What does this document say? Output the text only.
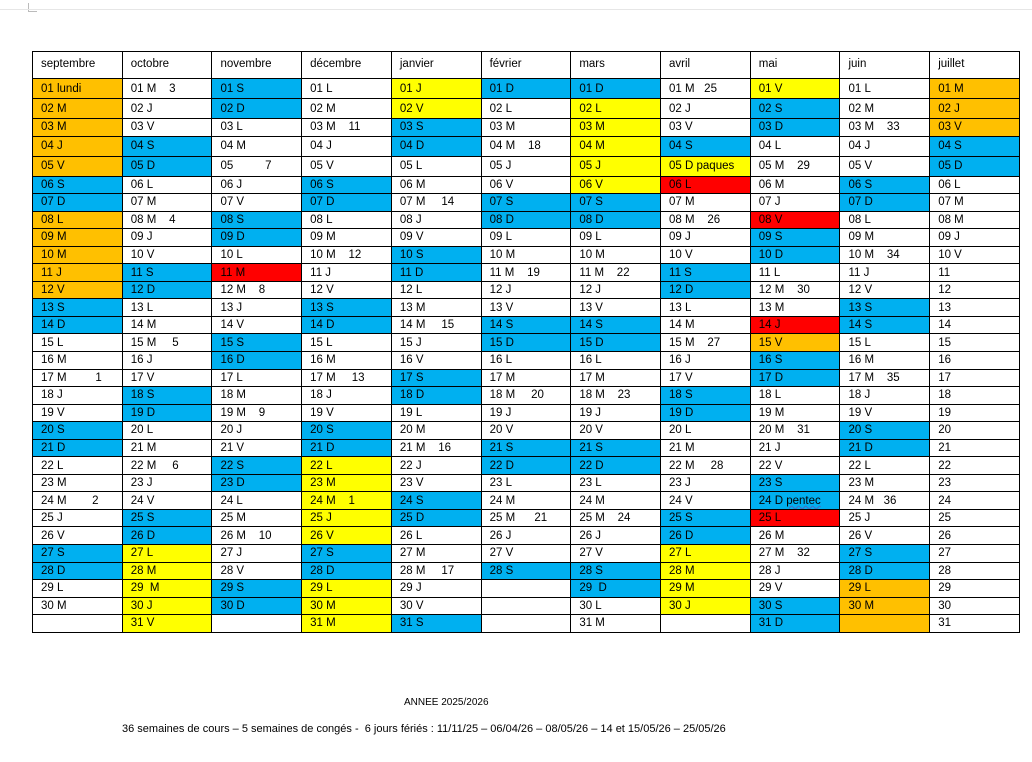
septembre	octobre	novembre	décembre	janvier	février	mars	avril	mai	juin	juillet
01 lundi	01 M    3	01 S	01 L	01 J	01 D	01 D	01 M   25	01 V	01 L	01 M
02 M	02 J	02 D	02 M	02 V	02 L	02 L	02 J	02 S	02 M	02 J
03 M	03 V	03 L	03 M    11	03 S	03 M	03 M	03 V	03 D	03 M    33	03 V
04 J	04 S	04 M	04 J	04 D	04 M    18	04 M	04 S	04 L	04 J	04 S
05 V	05 D	05          7	05 V	05 L	05 J	05 J	05 D paques	05 M    29	05 V	05 D
06 S	06 L	06 J	06 S	06 M	06 V	06 V	06 L	06 M	06 S	06 L
07 D	07 M	07 V	07 D	07 M     14	07 S	07 S	07 M	07 J	07 D	07 M
08 L	08 M    4	08 S	08 L	08 J	08 D	08 D	08 M    26	08 V	08 L	08 M
09 M	09 J	09 D	09 M	09 V	09 L	09 L	09 J	09 S	09 M	09 J
10 M	10 V	10 L	10 M    12	10 S	10 M	10 M	10 V	10 D	10 M    34	10 V
11 J	11 S	11 M	11 J	11 D	11 M    19	11 M    22	11 S	11 L	11 J	11
12 V	12 D	12 M    8	12 V	12 L	12 J	12 J	12 D	12 M    30	12 V	12
13 S	13 L	13 J	13 S	13 M	13 V	13 V	13 L	13 M	13 S	13
14 D	14 M	14 V	14 D	14 M     15	14 S	14 S	14 M	14 J	14 S	14
15 L	15 M     5	15 S	15 L	15 J	15 D	15 D	15 M    27	15 V	15 L	15
16 M	16 J	16 D	16 M	16 V	16 L	16 L	16 J	16 S	16 M	16
17 M         1	17 V	17 L	17 M     13	17 S	17 M	17 M	17 V	17 D	17 M    35	17
18 J	18 S	18 M	18 J	18 D	18 M     20	18 M    23	18 S	18 L	18 J	18
19 V	19 D	19 M    9	19 V	19 L	19 J	19 J	19 D	19 M	19 V	19
20 S	20 L	20 J	20 S	20 M	20 V	20 V	20 L	20 M    31	20 S	20
21 D	21 M	21 V	21 D	21 M    16	21 S	21 S	21 M	21 J	21 D	21
22 L	22 M     6	22 S	22 L	22 J	22 D	22 D	22 M     28	22 V	22 L	22
23 M	23 J	23 D	23 M	23 V	23 L	23 L	23 J	23 S	23 M	23
24 M        2	24 V	24 L	24 M    1	24 S	24 M	24 M	24 V	24 D pentec	24 M   36	24
25 J	25 S	25 M	25 J	25 D	25 M      21	25 M    24	25 S	25 L	25 J	25
26 V	26 D	26 M    10	26 V	26 L	26 J	26 J	26 D	26 M	26 V	26
27 S	27 L	27 J	27 S	27 M	27 V	27 V	27 L	27 M    32	27 S	27
28 D	28 M	28 V	28 D	28 M     17	28 S	28 S	28 M	28 J	28 D	28
29 L	29  M	29 S	29 L	29 J		29  D	29 M	29 V	29 L	29
30 M	30 J	30 D	30 M	30 V		30 L	30 J	30 S	30 M	30
	31 V		31 M	31 S		31 M		31 D		31
ANNEE 2025/2026
36 semaines de cours – 5 semaines de congés -  6 jours fériés : 11/11/25 – 06/04/26 – 08/05/26 – 14 et 15/05/26 – 25/05/26
